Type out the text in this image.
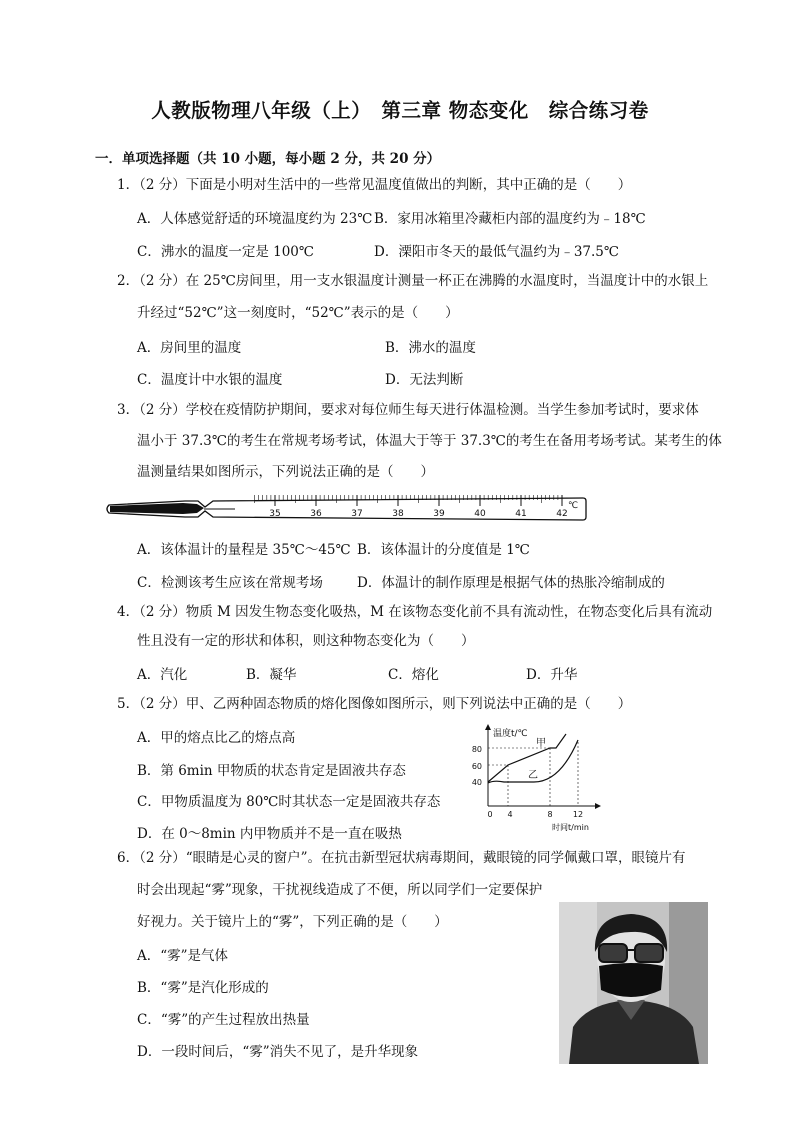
人教版物理八年级（上）　第三章 物态变化　综合练习卷
一．单项选择题（共 10 小题，每小题 2 分，共 20 分）
1．（2 分）下面是小明对生活中的一些常见温度值做出的判断，其中正确的是（　　）
A．人体感觉舒适的环境温度约为 23℃ B．家用冰箱里冷藏柜内部的温度约为﹣18℃
C．沸水的温度一定是 100℃	D．溧阳市冬天的最低气温约为﹣37.5℃
2．（2 分）在 25℃房间里，用一支水银温度计测量一杯正在沸腾的水温度时，当温度计中的水银上
升经过“52℃”这一刻度时，“52℃”表示的是（　　）
A．房间里的温度	B．沸水的温度
C．温度计中水银的温度	D．无法判断
3．（2 分）学校在疫情防护期间，要求对每位师生每天进行体温检测。当学生参加考试时，要求体
温小于 37.3℃的考生在常规考场考试，体温大于等于 37.3℃的考生在备用考场考试。某考生的体
温测量结果如图所示，下列说法正确的是（　　）
35	36	37	38	39	40	41	42
℃
A．该体温计的量程是 35℃～45℃ B．该体温计的分度值是 1℃
C．检测该考生应该在常规考场	D．体温计的制作原理是根据气体的热胀冷缩制成的
4．（2 分）物质 M 因发生物态变化吸热，M 在该物态变化前不具有流动性，在物态变化后具有流动
性且没有一定的形状和体积，则这种物态变化为（　　）
A．汽化	B．凝华	C．熔化	D．升华
5．（2 分）甲、乙两种固态物质的熔化图像如图所示，则下列说法中正确的是（　　）
A．甲的熔点比乙的熔点高
B．第 6min 甲物质的状态肯定是固液共存态
C．甲物质温度为 80℃时其状态一定是固液共存态
D．在 0～8min 内甲物质并不是一直在吸热
温度t/℃
80
60
40
0 4	8	12
时间t/min
甲
乙
6．（2 分）“眼睛是心灵的窗户”。在抗击新型冠状病毒期间，戴眼镜的同学佩戴口罩，眼镜片有
时会出现起“雾”现象，干扰视线造成了不便，所以同学们一定要保护
好视力。关于镜片上的“雾”，下列正确的是（　　）
A．“雾”是气体
B．“雾”是汽化形成的
C．“雾”的产生过程放出热量
D．一段时间后，“雾”消失不见了，是升华现象
